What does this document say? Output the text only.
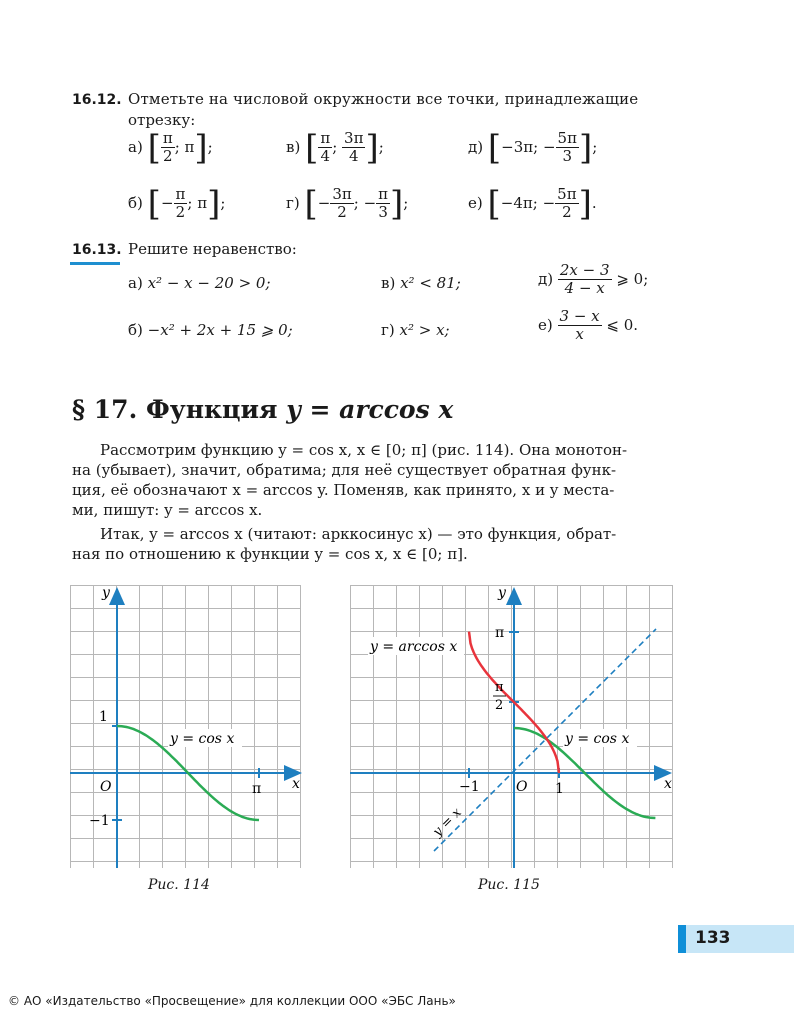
16.12. Отметьте на числовой окружности все точки, принадлежащие
отрезку:
а) [ $\frac{\pi}{2}$ ; π];	в) [ $\frac{\pi}{4}$ ; $\frac{3\pi}{4}$ ];	д) [−3π; − $\frac{5\pi}{3}$ ];
б) [− $\frac{\pi}{2}$ ; π];	г) [− $\frac{3\pi}{2}$ ; − $\frac{\pi}{3}$ ];	е) [−4π; − $\frac{5\pi}{2}$ ].
16.13. Решите неравенство:
а) x² − x − 20 > 0;	в) x² < 81;	$д) \frac{2x - 3}{4 - x}$ ⩾ 0;
б) −x² + 2x + 15 ⩾ 0;	г) x² > x;	$е) \frac{3 - x}{x}$ ⩽ 0.
§ 17. Функция y = arccos x

Рассмотрим функцию y = cos x, x ∈ [0; π] (рис. 114). Она монотон-

на (убывает), значит, обратима; для неё существует обратная функ-

ция, её обозначают x = arccos y. Поменяв, как принято, x и y места-

ми, пишут: y = arccos x.

Итак, y = arccos x (читают: арккосинус x) — это функция, обрат-

ная по отношению к функции y = cos x, x ∈ [0; π].

y
x
O
1
−1
π
y = cos x
Рис. 114
y
x
O
π
π
2
1
−1
y = arccos x
y = cos x
y = x
Рис. 115
133
© АО «Издательство «Просвещение» для коллекции ООО «ЭБС Лань»
